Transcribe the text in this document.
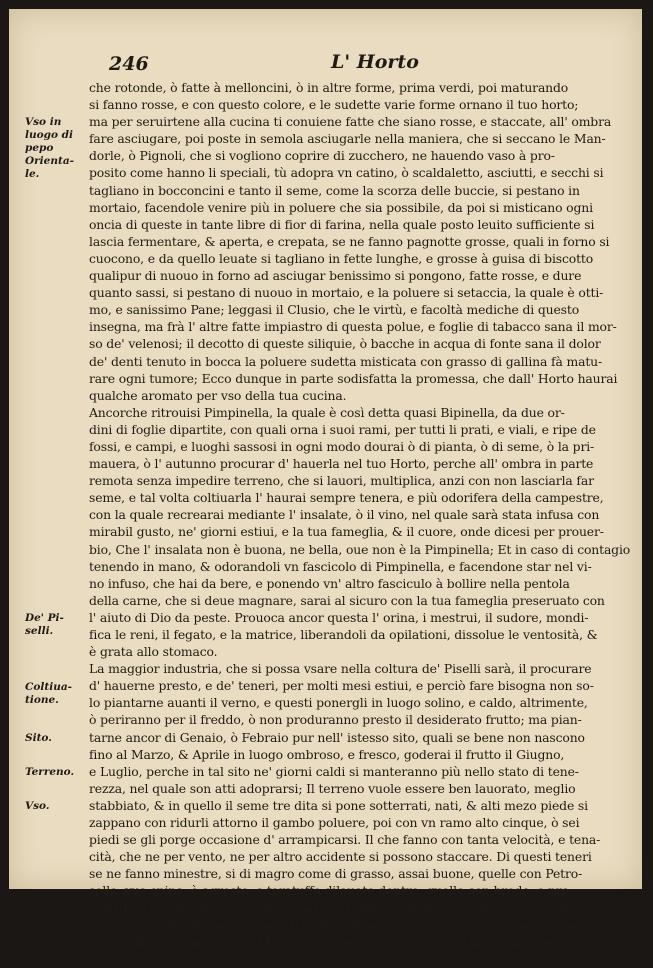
246	L' Horto
Vso in
luogo di
pepo
Orienta-
le.
De' Pi-
selli.
Coltiua-
tione.
Sito.
Terreno.
Vso.
che rotonde, ò fatte à melloncini, ò in altre forme, prima verdi, poi maturando
si fanno rosse, e con questo colore, e le sudette varie forme ornano il tuo horto;
ma per seruirtene alla cucina ti conuiene fatte che siano rosse, e staccate, all' ombra
fare asciugare, poi poste in semola asciugarle nella maniera, che si seccano le Man-
dorle, ò Pignoli, che si vogliono coprire di zucchero, ne hauendo vaso à pro-
posito come hanno li speciali, tù adopra vn catino, ò scaldaletto, asciutti, e secchi si
tagliano in bocconcini e tanto il seme, come la scorza delle buccie, si pestano in
mortaio, facendole venire più in poluere che sia possibile, da poi si misticano ogni
oncia di queste in tante libre di fior di farina, nella quale posto leuito sufficiente si
lascia fermentare, & aperta, e crepata, se ne fanno pagnotte grosse, quali in forno si
cuocono, e da quello leuate si tagliano in fette lunghe, e grosse à guisa di biscotto
qualipur di nuouo in forno ad asciugar benissimo si pongono, fatte rosse, e dure
quanto sassi, si pestano di nuouo in mortaio, e la poluere si setaccia, la quale è otti-
mo, e sanissimo Pane; leggasi il Clusio, che le virtù, e facoltà mediche di questo
insegna, ma frà l' altre fatte impiastro di questa polue, e foglie di tabacco sana il mor-
so de' velenosi; il decotto di queste siliquie, ò bacche in acqua di fonte sana il dolor
de' denti tenuto in bocca la poluere sudetta misticata con grasso di gallina fà matu-
rare ogni tumore; Ecco dunque in parte sodisfatta la promessa, che dall' Horto haurai
qualche aromato per vso della tua cucina.
Ancorche ritrouisi Pimpinella, la quale è così detta quasi Bipinella, da due or-
dini di foglie dipartite, con quali orna i suoi rami, per tutti li prati, e viali, e ripe de
fossi, e campi, e luoghi sassosi in ogni modo dourai ò di pianta, ò di seme, ò la pri-
mauera, ò l' autunno procurar d' hauerla nel tuo Horto, perche all' ombra in parte
remota senza impedire terreno, che si lauori, multiplica, anzi con non lasciarla far
seme, e tal volta coltiuarla l' haurai sempre tenera, e più odorifera della campestre,
con la quale recrearai mediante l' insalate, ò il vino, nel quale sarà stata infusa con
mirabil gusto, ne' giorni estiui, e la tua fameglia, & il cuore, onde dicesi per prouer-
bio, Che l' insalata non è buona, ne bella, oue non è la Pimpinella; Et in caso di contagio
tenendo in mano, & odorandoli vn fascicolo di Pimpinella, e facendone star nel vi-
no infuso, che hai da bere, e ponendo vn' altro fasciculo à bollire nella pentola
della carne, che si deue magnare, sarai al sicuro con la tua fameglia preseruato con
l' aiuto di Dio da peste. Prouoca ancor questa l' orina, i mestrui, il sudore, mondi-
fica le reni, il fegato, e la matrice, liberandoli da opilationi, dissolue le ventosità, &
è grata allo stomaco.
La maggior industria, che si possa vsare nella coltura de' Piselli sarà, il procurare
d' hauerne presto, e de' teneri, per molti mesi estiui, e perciò fare bisogna non so-
lo piantarne auanti il verno, e questi ponergli in luogo solino, e caldo, altrimente,
ò periranno per il freddo, ò non produranno presto il desiderato frutto; ma pian-
tarne ancor di Genaio, ò Febraio pur nell' istesso sito, quali se bene non nascono
fino al Marzo, & Aprile in luogo ombroso, e fresco, goderai il frutto il Giugno,
e Luglio, perche in tal sito ne' giorni caldi si manteranno più nello stato di tene-
rezza, nel quale son atti adoprarsi; Il terreno vuole essere ben lauorato, meglio
stabbiato, & in quello il seme tre dita si pone sotterrati, nati, & alti mezo piede si
zappano con ridurli attorno il gambo poluere, poi con vn ramo alto cinque, ò sei
piedi se gli porge occasione d' arrampicarsi. Il che fanno con tanta velocità, e tena-
cità, che ne per vento, ne per altro accidente si possono staccare. Di questi teneri
se ne fanno minestre, si di magro come di grasso, assai buone, quelle con Petro-
sello, vua spina, ò agreste, e taratuffo dilauato dentro, quelle con brodo, e pre-
sciutto, ò ventresca, ò panzetta, ò salame bollito, si ligano con ouo, ouero se li
pone stracciato; In vno de' sudetti modi cotti se ne cuopre ancora respettiuamente
ogni pollo, massimamente il Piccione, & ogni pesce, massime la Raina, questi
tene-
